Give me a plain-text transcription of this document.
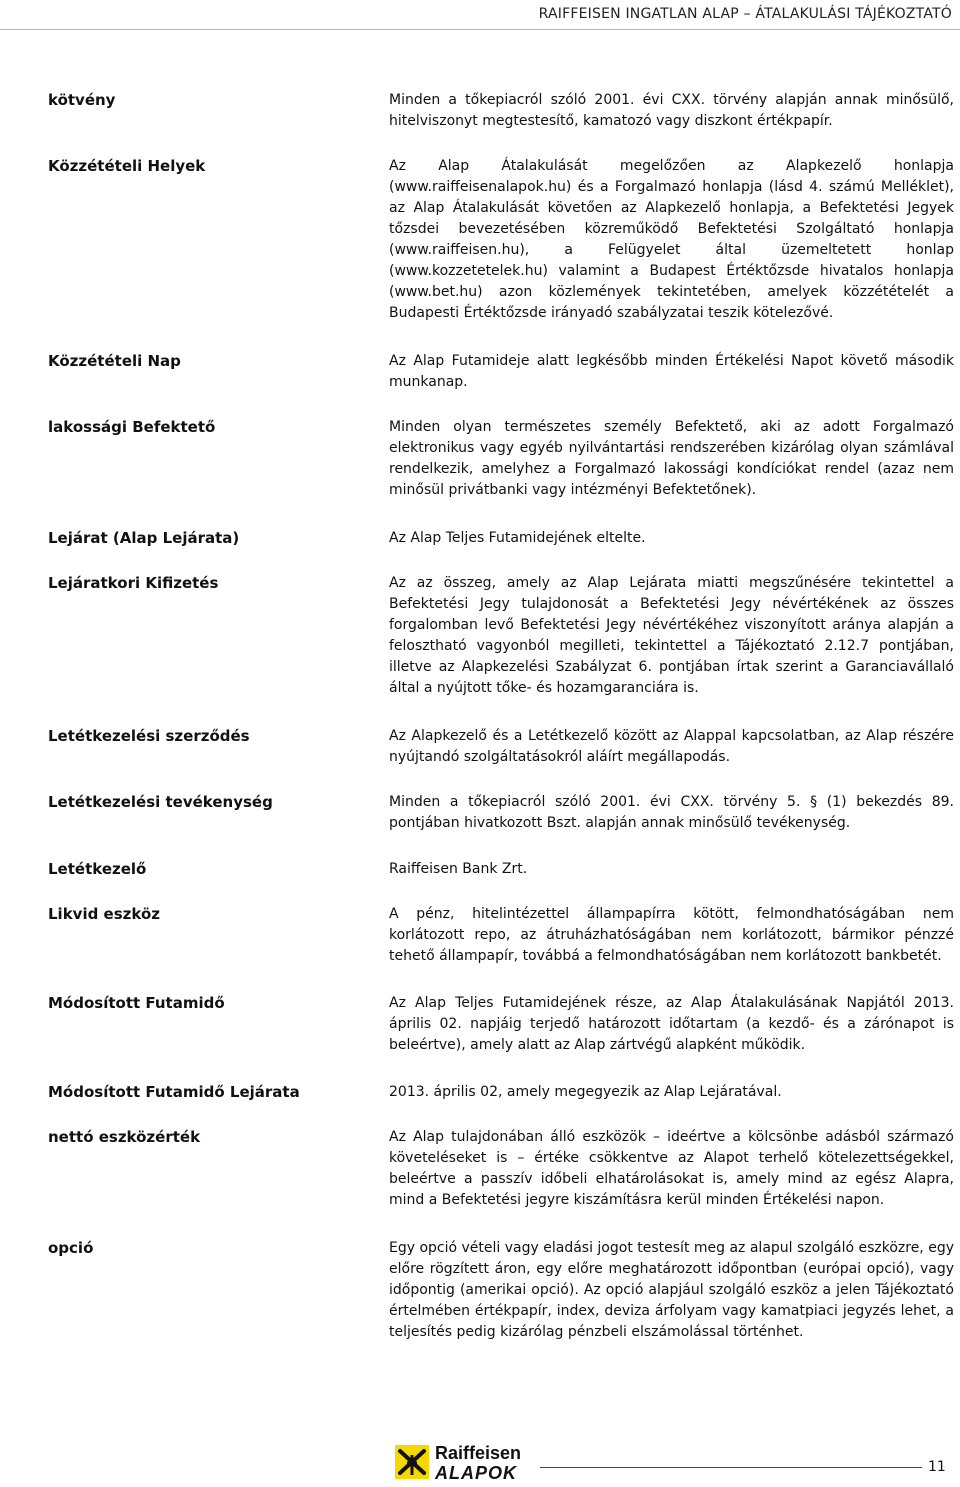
RAIFFEISEN INGATLAN ALAP – ÁTALAKULÁSI TÁJÉKOZTATÓ
kötvény	Minden a tőkepiacról szóló 2001. évi CXX. törvény alapján annak minősülő, hitelviszonyt megtestesítő, kamatozó vagy diszkont értékpapír.
Közzétételi Helyek	Az Alap Átalakulását megelőzően az Alapkezelő honlapja (www.raiffeisenalapok.hu) és a Forgalmazó honlapja (lásd 4. számú Melléklet), az Alap Átalakulását követően az Alapkezelő honlapja, a Befektetési Jegyek tőzsdei bevezetésében közreműködő Befektetési Szolgáltató honlapja (www.raiffeisen.hu), a Felügyelet által üzemeltetett honlap (www.kozzetetelek.hu) valamint a Budapest Értéktőzsde hivatalos honlapja (www.bet.hu) azon közlemények tekintetében, amelyek közzétételét a Budapesti Értéktőzsde irányadó szabályzatai teszik kötelezővé.
Közzétételi Nap	Az Alap Futamideje alatt legkésőbb minden Értékelési Napot követő második munkanap.
lakossági Befektető	Minden olyan természetes személy Befektető, aki az adott Forgalmazó elektronikus vagy egyéb nyilvántartási rendszerében kizárólag olyan számlával rendelkezik, amelyhez a Forgalmazó lakossági kondíciókat rendel (azaz nem minősül privátbanki vagy intézményi Befektetőnek).
Lejárat (Alap Lejárata)	Az Alap Teljes Futamidejének eltelte.
Lejáratkori Kifizetés	Az az összeg, amely az Alap Lejárata miatti megszűnésére tekintettel a Befektetési Jegy tulajdonosát a Befektetési Jegy névértékének az összes forgalomban levő Befektetési Jegy névértékéhez viszonyított aránya alapján a felosztható vagyonból megilleti, tekintettel a Tájékoztató 2.12.7 pontjában, illetve az Alapkezelési Szabályzat 6. pontjában írtak szerint a Garanciavállaló által a nyújtott tőke- és hozamgaranciára is.
Letétkezelési szerződés	Az Alapkezelő és a Letétkezelő között az Alappal kapcsolatban, az Alap részére nyújtandó szolgáltatásokról aláírt megállapodás.
Letétkezelési tevékenység	Minden a tőkepiacról szóló 2001. évi CXX. törvény 5. § (1) bekezdés 89. pontjában hivatkozott Bszt. alapján annak minősülő tevékenység.
Letétkezelő	Raiffeisen Bank Zrt.
Likvid eszköz	A pénz, hitelintézettel állampapírra kötött, felmondhatóságában nem korlátozott repo, az átruházhatóságában nem korlátozott, bármikor pénzzé tehető állampapír, továbbá a felmondhatóságában nem korlátozott bankbetét.
Módosított Futamidő	Az Alap Teljes Futamidejének része, az Alap Átalakulásának Napjától 2013. április 02. napjáig terjedő határozott időtartam (a kezdő- és a zárónapot is beleértve), amely alatt az Alap zártvégű alapként működik.
Módosított Futamidő Lejárata	2013. április 02, amely megegyezik az Alap Lejáratával.
nettó eszközérték	Az Alap tulajdonában álló eszközök – ideértve a kölcsönbe adásból származó követeléseket is – értéke csökkentve az Alapot terhelő kötelezettségekkel, beleértve a passzív időbeli elhatárolásokat is, amely mind az egész Alapra, mind a Befektetési jegyre kiszámításra kerül minden Értékelési napon.
opció	Egy opció vételi vagy eladási jogot testesít meg az alapul szolgáló eszközre, egy előre rögzített áron, egy előre meghatározott időpontban (európai opció), vagy időpontig (amerikai opció). Az opció alapjául szolgáló eszköz a jelen Tájékoztató értelmében értékpapír, index, deviza árfolyam vagy kamatpiaci jegyzés lehet, a teljesítés pedig kizárólag pénzbeli elszámolással történhet.
Raiffeisen
ALAPOK	11
